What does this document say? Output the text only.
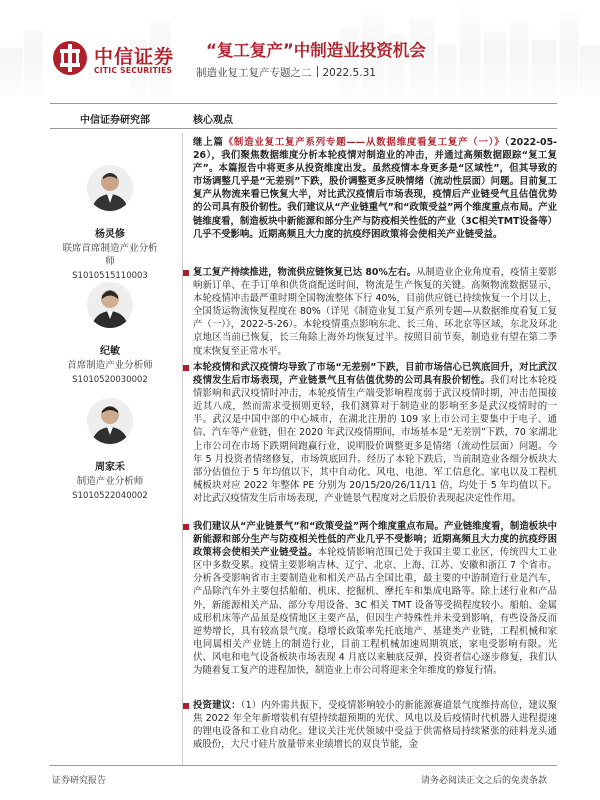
中信证券
CITIC SECURITIES
“复工复产”中制造业投资机会
制造业复工复产专题之二 2022.5.31
中信证券研究部	核心观点
杨灵修
联席首席制造产业分析师
S1010515110003
纪敏
首席制造产业分析师
S1010520030002
周家禾
制造产业分析师
S1010522040002
继上篇《制造业复工复产系列专题——从数据维度看复工复产（一）》（2022-05-26），我们聚焦数据维度分析本轮疫情对制造业的冲击，并通过高频数据跟踪“复工复产”。本篇报告中将更多从投资维度出发。虽然疫情本身更多是“区域性”，但其导致的市场调整几乎是“无差别”下跌，股价调整更多反映情绪（流动性层面）问题。目前复工复产从物流来看已恢复大半，对比武汉疫情后市场表现，疫情后产业链受气且估值优势的公司具有股价韧性。我们建议从“产业链重气”和“政策受益”两个维度重点布局。产业链维度看，制造板块中新能源和部分生产与防疫相关性低的产业（3C相关TMT设备等）几乎不受影响。近期高频且大力度的抗疫纾困政策将会使相关产业链受益。
复工复产持续推进，物流供应链恢复已达 80%左右。从制造业企业角度看，疫情主要影响新订单、在手订单和供货商配送时间，物流是生产恢复的关键。高频物流数据显示，本轮疫情冲击最严重时期全国物流整体下行 40%，目前供应链已持续恢复一个月以上，全国货运物流恢复程度在 80%（详见《制造业复工复产系列专题—从数据维度看复工复产（一）》，2022-5-26）。本轮疫情重点影响东北、长三角、环北京等区域，东北及环北京地区当前已恢复，长三角除上海外均恢复过半。按照目前节奏，制造业有望在第二季度末恢复至正常水平。
本轮疫情和武汉疫情均导致了市场“无差别”下跌，目前市场信心已筑底回升，对比武汉疫情发生后市场表现，产业链景气且有估值优势的公司具有股价韧性。我们对比本轮疫情影响和武汉疫情时冲击，本轮疫情生产端受影响程度弱于武汉疫情时期，冲击范围接近其八成，然而需求受损则更轻，我们测算对于制造业的影响至多是武汉疫情时的一半。武汉是中国中部的中心城市，在湖北注册的 109 家上市公司主要集中于电子、通信、汽车等产业链，但在 2020 年武汉疫情期间，市场基本是“无差别”下跌，70 家湖北上市公司在市场下跌期间跑赢行业，说明股价调整更多是情绪（流动性层面）问题。今年 5 月投资者情绪修复，市场筑底回升。经历了本轮下跌后，当前制造业各细分板块大部分估值位于 5 年均值以下，其中自动化、风电、电池、军工信息化、家电以及工程机械板块对应 2022 年整体 PE 分别为 20/15/20/26/11/11 倍，均处于 5 年均值以下。对比武汉疫情发生后市场表现，产业链景气程度对之后股价表现起决定性作用。
我们建议从“产业链景气”和“政策受益”两个维度重点布局。产业链维度看，制造板块中新能源和部分生产与防疫相关性低的产业几乎不受影响；近期高频且大力度的抗疫纾困政策将会使相关产业链受益。本轮疫情影响范围已处于我国主要工业区，传统四大工业区中多数受累。疫情主要影响吉林、辽宁、北京、上海、江苏、安徽和浙江 7 个省市。分析各受影响省市主要制造业和相关产品占全国比重，最主要的中游制造行业是汽车，产品除汽车外主要包括船舶、机床、挖掘机、摩托车和集成电路等。除上述行业和产品外，新能源相关产品、部分专用设备、3C 相关 TMT 设备等受损程度较小。船舶、金属成形机床等产品虽是疫情地区主要产品，但因生产特殊性并未受到影响，有些设备反而逆势增长，具有较高景气度。稳增长政策率先托底地产、基建类产业链，工程机械和家电同属相关产业链上的制造行业，目前工程机械加速周期筑底，家电受影响有限。光伏、风电和电气设备板块市场表现 4 月底以来触底反弹，投资者信心逐步修复，我们认为随着复工复产的进程加快，制造业上市公司将迎来全年维度的修复行情。
投资建议：（1）内外需共振下，受疫情影响较小的新能源赛道景气度维持高位，建议聚焦 2022 年全年新增装机有望持续超预期的光伏、风电以及后疫情时代机器人进程提速的锂电设备和工业自动化。建议关注光伏领域中受益于供需格局持续紧张的硅料龙头通威股份，大尺寸硅片放量带来业绩增长的双良节能，金
证券研究报告	请务必阅读正文之后的免责条款
